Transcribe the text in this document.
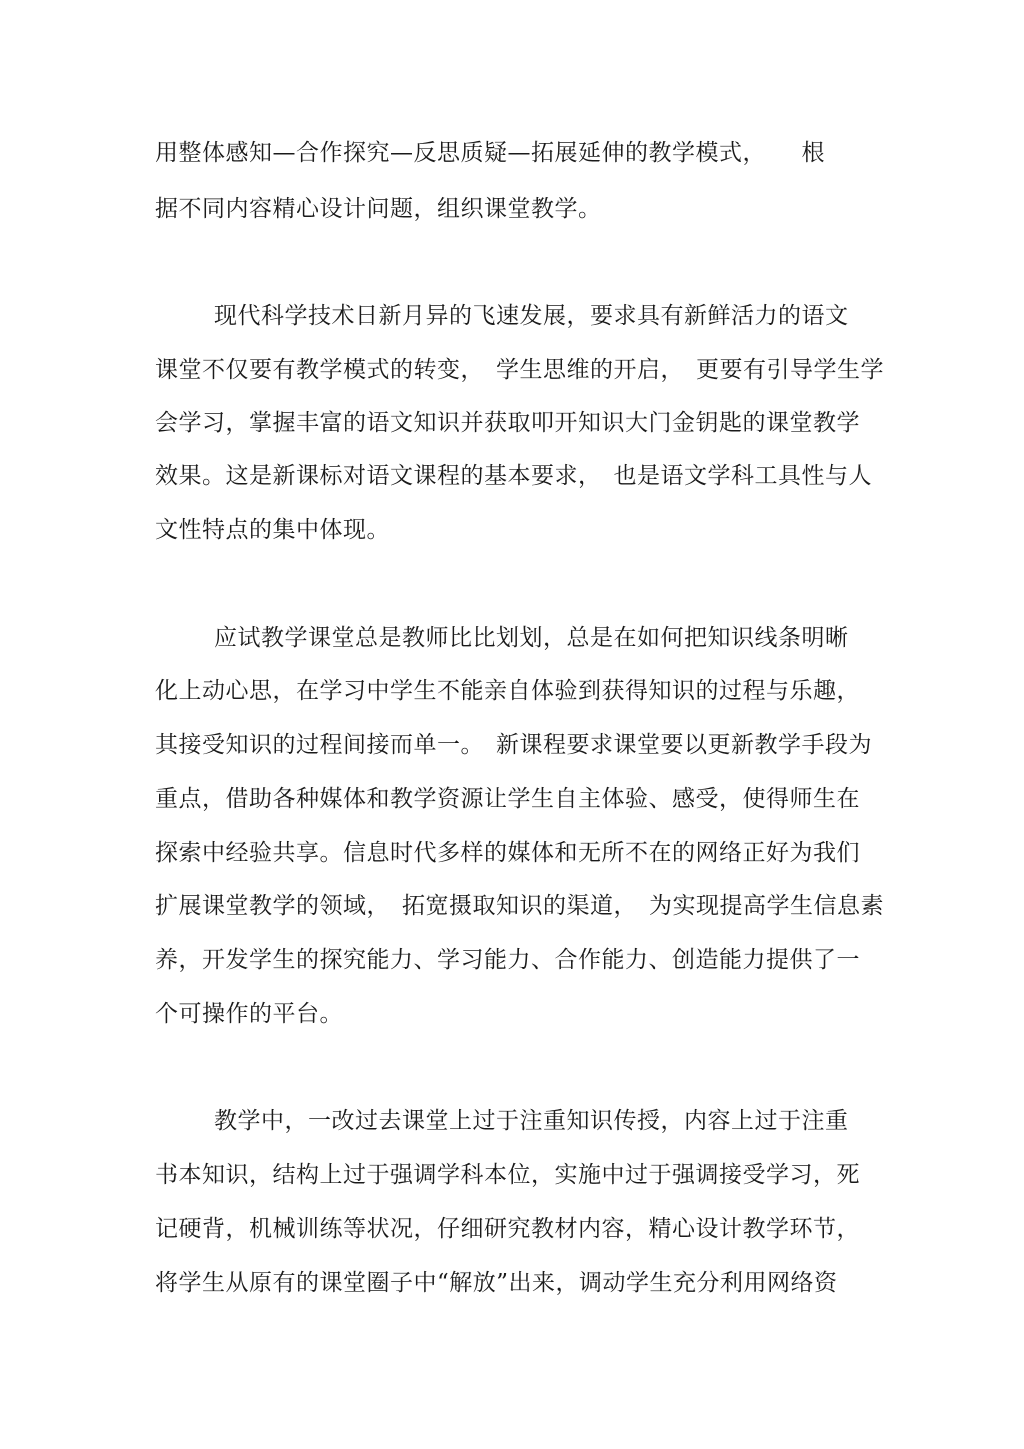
用整体感知—合作探究—反思质疑—拓展延伸的教学模式，　　根
据不同内容精心设计问题，组织课堂教学。
现代科学技术日新月异的飞速发展，要求具有新鲜活力的语文
课堂不仅要有教学模式的转变，　学生思维的开启，　更要有引导学生学
会学习，掌握丰富的语文知识并获取叩开知识大门金钥匙的课堂教学
效果。这是新课标对语文课程的基本要求，　也是语文学科工具性与人
文性特点的集中体现。
应试教学课堂总是教师比比划划，总是在如何把知识线条明晰
化上动心思，在学习中学生不能亲自体验到获得知识的过程与乐趣，
其接受知识的过程间接而单一。　新课程要求课堂要以更新教学手段为
重点，借助各种媒体和教学资源让学生自主体验、感受，使得师生在
探索中经验共享。信息时代多样的媒体和无所不在的网络正好为我们
扩展课堂教学的领域，　拓宽摄取知识的渠道，　为实现提高学生信息素
养，开发学生的探究能力、学习能力、合作能力、创造能力提供了一
个可操作的平台。
教学中，一改过去课堂上过于注重知识传授，内容上过于注重
书本知识，结构上过于强调学科本位，实施中过于强调接受学习，死
记硬背，机械训练等状况，仔细研究教材内容，精心设计教学环节，
将学生从原有的课堂圈子中“解放”出来，调动学生充分利用网络资
